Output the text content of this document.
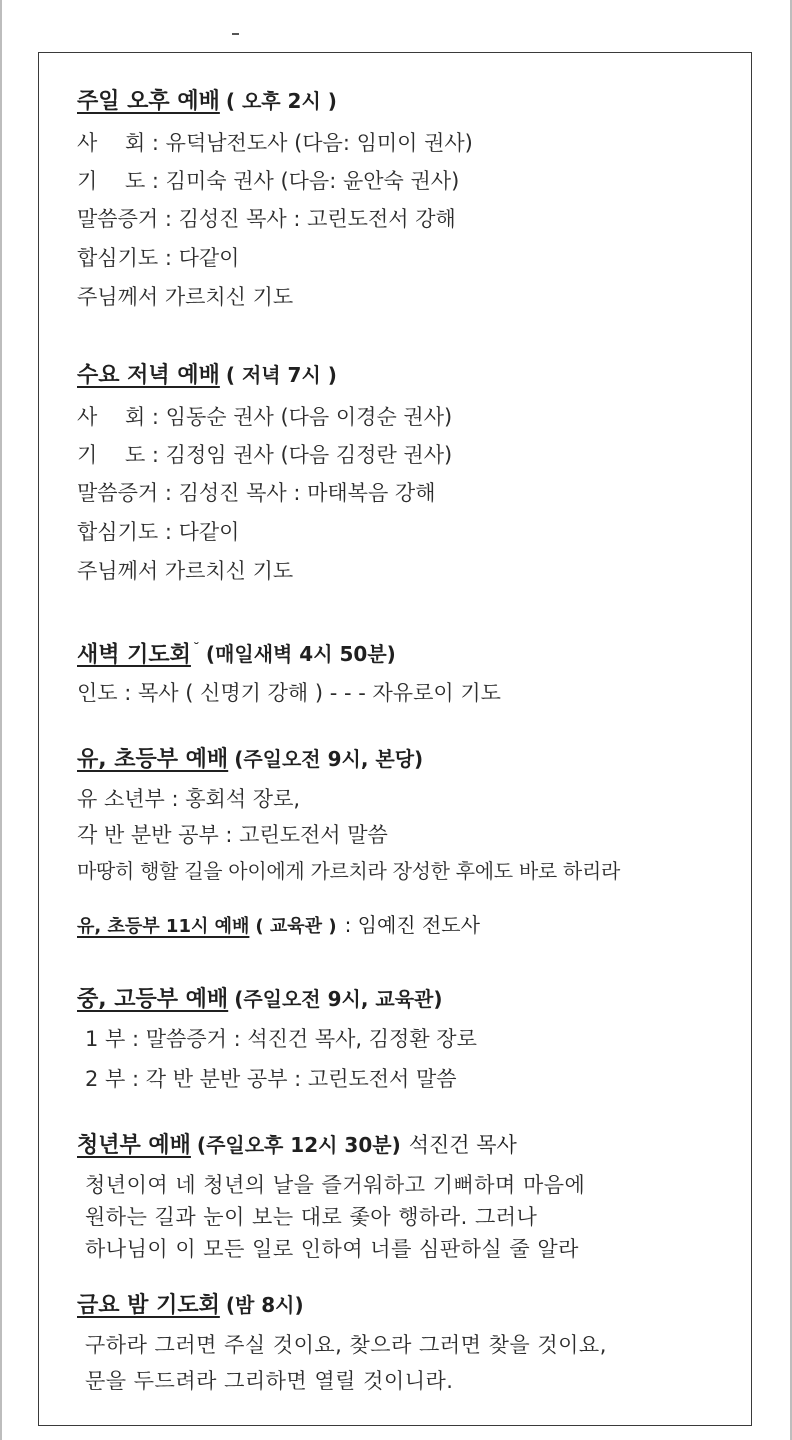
주일 오후 예배 ( 오후 2시 )
사　 회 : 유덕남전도사 (다음: 임미이 권사)
기　 도 : 김미숙 권사 (다음: 윤안숙 권사)
말씀증거 : 김성진 목사 : 고린도전서 강해
합심기도 : 다같이
주님께서 가르치신 기도
수요 저녁 예배 ( 저녁 7시 )
사　 회 : 임동순 권사 (다음 이경순 권사)
기　 도 : 김정임 권사 (다음 김정란 권사)
말씀증거 : 김성진 목사 : 마태복음 강해
합심기도 : 다같이
주님께서 가르치신 기도
새벽 기도회 ˘ (매일새벽 4시 50분)
인도 : 목사 ( 신명기 강해 ) - - - 자유로이 기도
유, 초등부 예배 (주일오전 9시, 본당)
유 소년부 : 홍회석 장로,
각 반 분반 공부 : 고린도전서 말씀
마땅히 행할 길을 아이에게 가르치라 장성한 후에도 바로 하리라
유, 초등부 11시 예배 ( 교육관 ) : 임예진 전도사
중, 고등부 예배 (주일오전 9시, 교육관)
1 부 : 말씀증거 : 석진건 목사, 김정환 장로
2 부 : 각 반 분반 공부 : 고린도전서 말씀
청년부 예배 (주일오후 12시 30분) 석진건 목사
청년이여 네 청년의 날을 즐거워하고 기뻐하며 마음에
원하는 길과 눈이 보는 대로 좇아 행하라. 그러나
하나님이 이 모든 일로 인하여 너를 심판하실 줄 알라
금요 밤 기도회 (밤 8시)
구하라 그러면 주실 것이요, 찾으라 그러면 찾을 것이요,
문을 두드려라 그리하면 열릴 것이니라.
